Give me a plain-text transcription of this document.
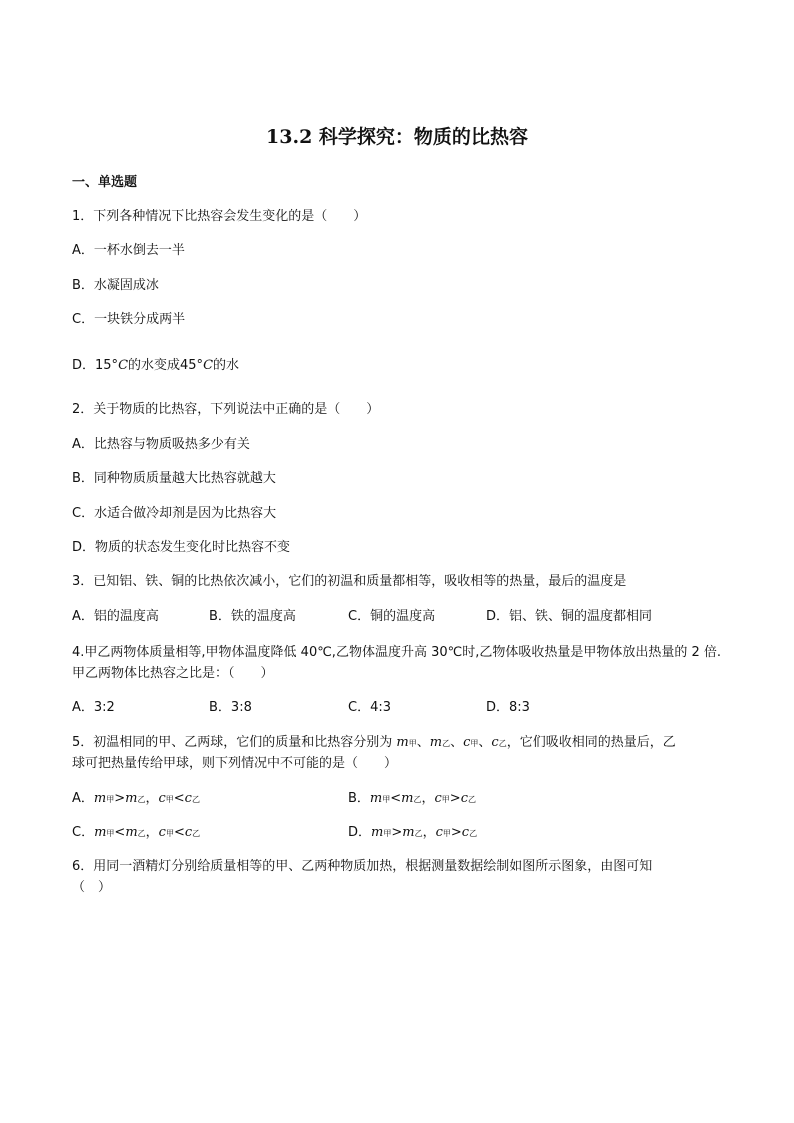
13.2 科学探究：物质的比热容
一、单选题
1．下列各种情况下比热容会发生变化的是（　　）
A．一杯水倒去一半
B．水凝固成冰
C．一块铁分成两半
D．15°C的水变成45°C的水
2．关于物质的比热容，下列说法中正确的是（　　）
A．比热容与物质吸热多少有关
B．同种物质质量越大比热容就越大
C．水适合做冷却剂是因为比热容大
D．物质的状态发生变化时比热容不变
3．已知铝、铁、铜的比热依次减小，它们的初温和质量都相等，吸收相等的热量，最后的温度是
A．铝的温度高	B．铁的温度高	C．铜的温度高	D．铝、铁、铜的温度都相同
4.甲乙两物体质量相等,甲物体温度降低 40℃,乙物体温度升高 30℃时,乙物体吸收热量是甲物体放出热量的 2 倍.甲乙两物体比热容之比是：（　　）
A．3:2	B．3:8	C．4:3	D．8:3
5．初温相同的甲、乙两球，它们的质量和比热容分别为 m甲、m乙、c甲、c乙，它们吸收相同的热量后，乙
球可把热量传给甲球，则下列情况中不可能的是（　　）
A．m甲>m乙，c甲<c乙	B．m甲<m乙，c甲>c乙
C．m甲<m乙，c甲<c乙	D．m甲>m乙，c甲>c乙
6．用同一酒精灯分别给质量相等的甲、乙两种物质加热，根据测量数据绘制如图所示图象，由图可知
（　）
